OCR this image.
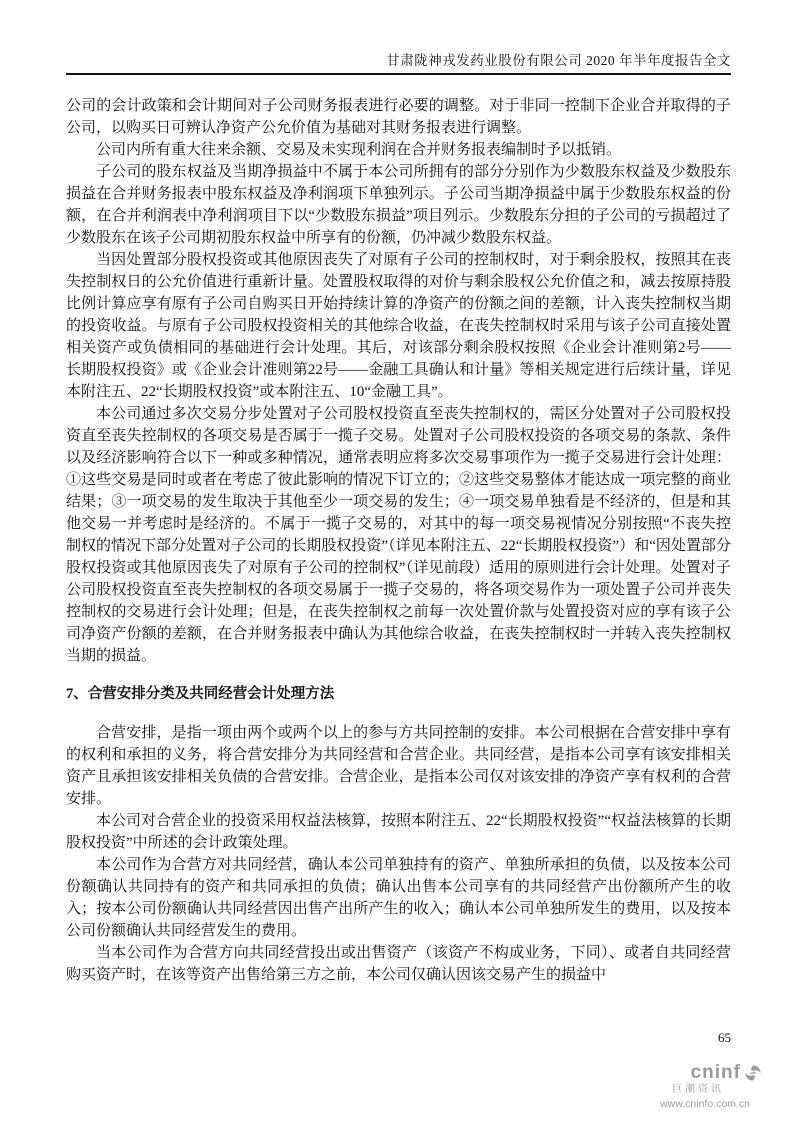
甘肃陇神戎发药业股份有限公司 2020 年半年度报告全文

公司的会计政策和会计期间对子公司财务报表进行必要的调整。对于非同一控制下企业合并取得的子公司，以购买日可辨认净资产公允价值为基础对其财务报表进行调整。

公司内所有重大往来余额、交易及未实现利润在合并财务报表编制时予以抵销。

子公司的股东权益及当期净损益中不属于本公司所拥有的部分分别作为少数股东权益及少数股东损益在合并财务报表中股东权益及净利润项下单独列示。子公司当期净损益中属于少数股东权益的份额，在合并利润表中净利润项目下以“少数股东损益”项目列示。少数股东分担的子公司的亏损超过了少数股东在该子公司期初股东权益中所享有的份额，仍冲减少数股东权益。

当因处置部分股权投资或其他原因丧失了对原有子公司的控制权时，对于剩余股权，按照其在丧失控制权日的公允价值进行重新计量。处置股权取得的对价与剩余股权公允价值之和，减去按原持股比例计算应享有原有子公司自购买日开始持续计算的净资产的份额之间的差额，计入丧失控制权当期的投资收益。与原有子公司股权投资相关的其他综合收益，在丧失控制权时采用与该子公司直接处置相关资产或负债相同的基础进行会计处理。其后，对该部分剩余股权按照《企业会计准则第2号——长期股权投资》或《企业会计准则第22号——金融工具确认和计量》等相关规定进行后续计量，详见本附注五、22“长期股权投资”或本附注五、10“金融工具”。

本公司通过多次交易分步处置对子公司股权投资直至丧失控制权的，需区分处置对子公司股权投资直至丧失控制权的各项交易是否属于一揽子交易。处置对子公司股权投资的各项交易的条款、条件以及经济影响符合以下一种或多种情况，通常表明应将多次交易事项作为一揽子交易进行会计处理：①这些交易是同时或者在考虑了彼此影响的情况下订立的；②这些交易整体才能达成一项完整的商业结果；③一项交易的发生取决于其他至少一项交易的发生；④一项交易单独看是不经济的，但是和其他交易一并考虑时是经济的。不属于一揽子交易的，对其中的每一项交易视情况分别按照“不丧失控制权的情况下部分处置对子公司的长期股权投资”（详见本附注五、22“长期股权投资”）和“因处置部分股权投资或其他原因丧失了对原有子公司的控制权”（详见前段）适用的原则进行会计处理。处置对子公司股权投资直至丧失控制权的各项交易属于一揽子交易的，将各项交易作为一项处置子公司并丧失控制权的交易进行会计处理；但是，在丧失控制权之前每一次处置价款与处置投资对应的享有该子公司净资产份额的差额，在合并财务报表中确认为其他综合收益，在丧失控制权时一并转入丧失控制权当期的损益。

7、合营安排分类及共同经营会计处理方法

合营安排，是指一项由两个或两个以上的参与方共同控制的安排。本公司根据在合营安排中享有的权利和承担的义务，将合营安排分为共同经营和合营企业。共同经营，是指本公司享有该安排相关资产且承担该安排相关负债的合营安排。合营企业，是指本公司仅对该安排的净资产享有权利的合营安排。

本公司对合营企业的投资采用权益法核算，按照本附注五、22“长期股权投资”“权益法核算的长期股权投资”中所述的会计政策处理。

本公司作为合营方对共同经营，确认本公司单独持有的资产、单独所承担的负债，以及按本公司份额确认共同持有的资产和共同承担的负债；确认出售本公司享有的共同经营产出份额所产生的收入；按本公司份额确认共同经营因出售产出所产生的收入；确认本公司单独所发生的费用，以及按本公司份额确认共同经营发生的费用。

当本公司作为合营方向共同经营投出或出售资产（该资产不构成业务，下同）、或者自共同经营购买资产时，在该等资产出售给第三方之前，本公司仅确认因该交易产生的损益中

65
cninf
巨潮资讯
www.cninfo.com.cn
